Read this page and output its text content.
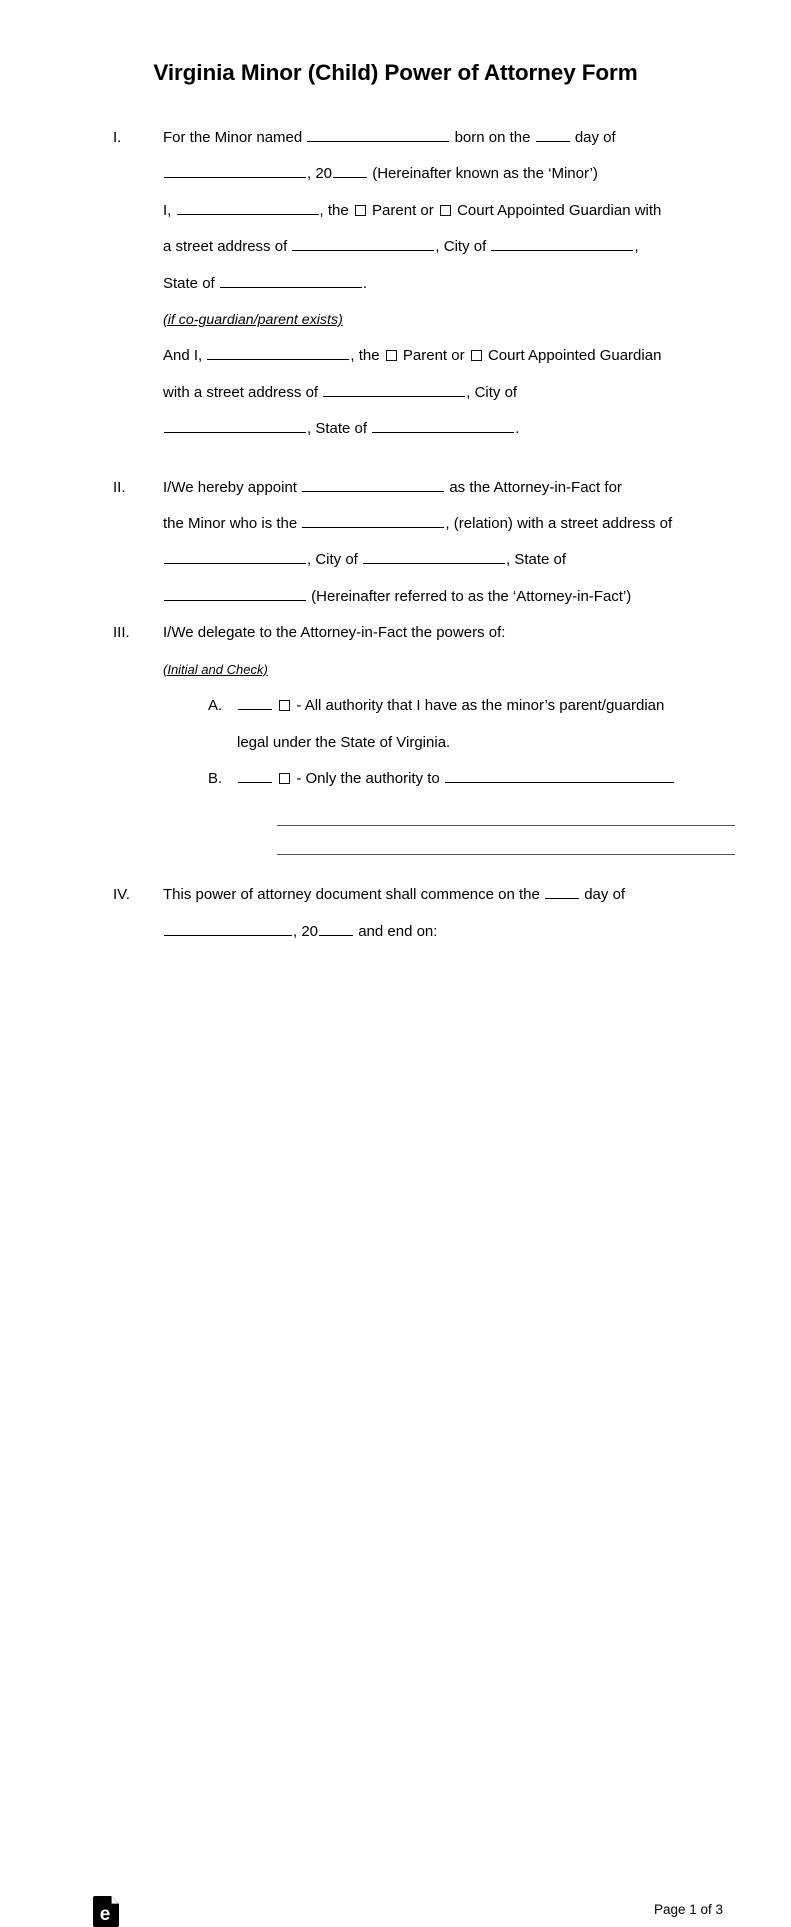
Virginia Minor (Child) Power of Attorney Form
I.	For the Minor named	born on the	day of
, 20	(Hereinafter known as the ‘Minor’)
I,	, the Parent or Court Appointed Guardian with
a street address of	, City of	,
State of	.
(if co-guardian/parent exists)
And I,	, the Parent or Court Appointed Guardian
with a street address of	, City of
, State of	.
II. I/We hereby appoint	as the Attorney-in-Fact for
the Minor who is the	, (relation) with a street address of
, City of	, State of
(Hereinafter referred to as the ‘Attorney-in-Fact’)
III. I/We delegate to the Attorney-in-Fact the powers of:
(Initial and Check)
A.	- All authority that I have as the minor’s parent/guardian
legal under the State of Virginia.
B.	- Only the authority to
IV. This power of attorney document shall commence on the	day of
, 20	and end on:
e	Page 1 of 3
